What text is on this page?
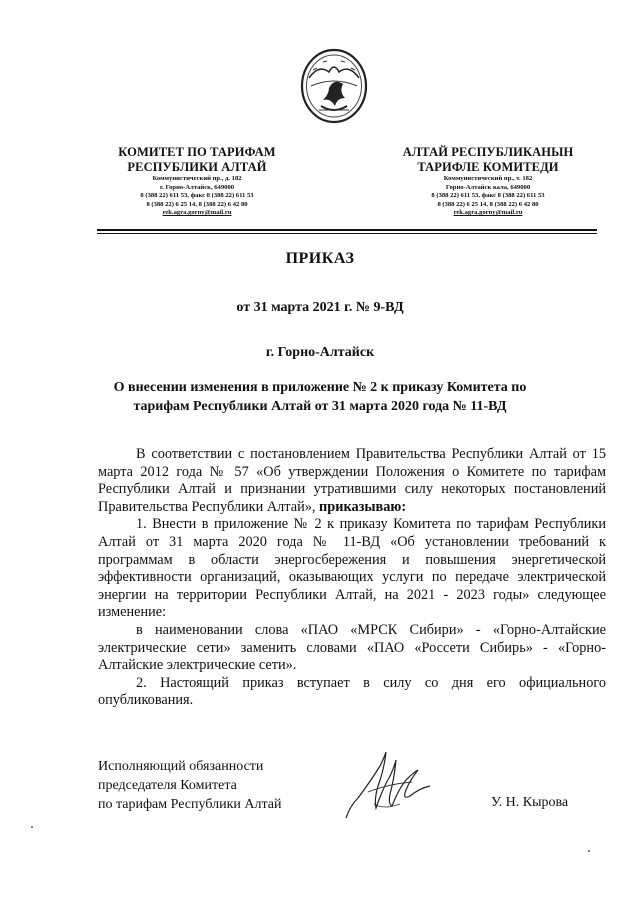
КОМИТЕТ ПО ТАРИФАМ
РЕСПУБЛИКИ АЛТАЙ
Коммунистический пр., д. 182
г. Горно-Алтайск, 649000
8 (388 22) 611 53, факс 8 (388 22) 611 53
8 (388 22) 6 25 14, 8 (388 22) 6 42 80
rek.agra.gorny@mail.ru
АЛТАЙ РЕСПУБЛИКАНЫН
ТАРИФЛЕ КОМИТЕДИ
Коммунистический пр., т. 182
Горно-Алтайск кала, 649000
8 (388 22) 611 53, факс 8 (388 22) 611 53
8 (388 22) 6 25 14, 8 (388 22) 6 42 80
rek.agra.gorny@mail.ru
ПРИКАЗ
от 31 марта 2021 г. № 9-ВД
г. Горно-Алтайск
О внесении изменения в приложение № 2 к приказу Комитета по
тарифам Республики Алтай от 31 марта 2020 года № 11-ВД

В соответствии с постановлением Правительства Республики Алтай от 15 марта 2012 года № 57 «Об утверждении Положения о Комитете по тарифам Республики Алтай и признании утратившими силу некоторых постановлений Правительства Республики Алтай», приказываю:

1. Внести в приложение № 2 к приказу Комитета по тарифам Республики Алтай от 31 марта 2020 года № 11-ВД «Об установлении требований к программам в области энергосбережения и повышения энергетической эффективности организаций, оказывающих услуги по передаче электрической энергии на территории Республики Алтай, на 2021 - 2023 годы» следующее изменение:

в наименовании слова «ПАО «МРСК Сибири» - «Горно-Алтайские электрические сети» заменить словами «ПАО «Россети Сибирь» - «Горно-Алтайские электрические сети».

2. Настоящий приказ вступает в силу со дня его официального опубликования.

Исполняющий обязанности
председателя Комитета
по тарифам Республики Алтай	У. Н. Кырова
